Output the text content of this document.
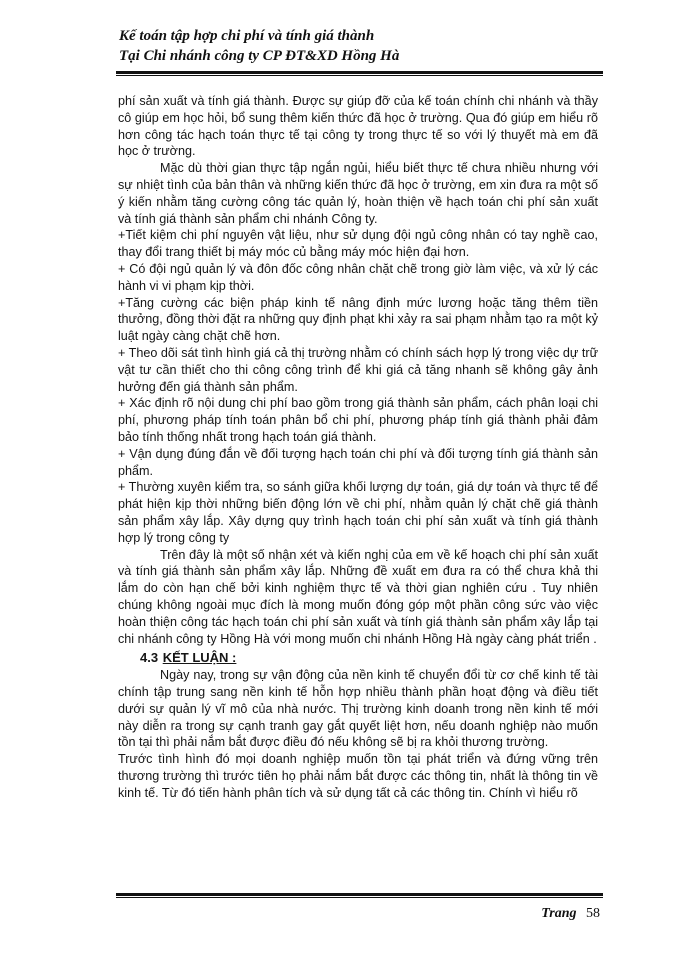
Kế toán tập hợp chi phí và tính giá thành
Tại Chi nhánh công ty CP ĐT&XD Hồng Hà

phí sản xuất và tính giá thành. Được sự giúp đỡ của kế toán chính chi nhánh và thầy cô giúp em học hỏi, bổ sung thêm kiến thức đã học ở trường. Qua đó giúp em hiểu rõ hơn công tác hạch toán thực tế tại công ty trong thực tế so với lý thuyết mà em đã học ở trường.

Mặc dù thời gian thực tập ngắn ngủi, hiểu biết thực tế chưa nhiều nhưng với sự nhiệt tình của bản thân và những kiến thức đã học ở trường, em xin đưa ra một số ý kiến nhằm tăng cường công tác quản lý, hoàn thiện về hạch toán chi phí sản xuất và tính giá thành sản phẩm chi nhánh Công ty.

+Tiết kiệm chi phí nguyên vật liệu, như sử dụng đội ngủ công nhân có tay nghề cao, thay đổi trang thiết bị máy móc củ bằng máy móc hiện đại hơn.

+ Có đội ngủ quản lý và đôn đốc công nhân chặt chẽ trong giờ làm việc, và xử lý các hành vi vi phạm kịp thời.

+Tăng cường các biện pháp kinh tế nâng định mức lương hoặc tăng thêm tiền thưởng, đồng thời đặt ra những quy định phạt khi xảy ra sai phạm nhằm tạo ra một kỷ luật ngày càng chặt chẽ hơn.

+ Theo dõi sát tình hình giá cả thị trường nhằm có chính sách hợp lý trong việc dự trữ vật tư cần thiết cho thi công công trình để khi giá cả tăng nhanh sẽ không gây ảnh hưởng đến giá thành sản phẩm.

+ Xác định rõ nội dung chi phí bao gồm trong giá thành sản phẩm, cách phân loại chi phí, phương pháp tính toán phân bổ chi phí, phương pháp tính giá thành phải đảm bảo tính thống nhất trong hạch toán giá thành.

+ Vận dụng đúng đắn về đối tượng hạch toán chi phí và đối tượng tính giá thành sản phẩm.

+ Thường xuyên kiểm tra, so sánh giữa khối lượng dự toán, giá dự toán và thực tế để phát hiện kịp thời những biến động lớn về chi phí, nhằm quản lý chặt chẽ giá thành sản phẩm xây lắp. Xây dựng quy trình hạch toán chi phí sản xuất và tính giá thành hợp lý trong công ty

Trên đây là một số nhận xét và kiến nghị của em về kế hoạch chi phí sản xuất và tính giá thành sản phẩm xây lắp. Những đề xuất em đưa ra có thể chưa khả thi lắm do còn hạn chế bởi kinh nghiệm thực tế và thời gian nghiên cứu . Tuy nhiên chúng không ngoài mục đích là mong muốn đóng góp một phần công sức vào việc hoàn thiện công tác hạch toán chi phí sản xuất và tính giá thành sản phẩm xây lắp tại chi nhánh công ty Hồng Hà với mong muốn chi nhánh Hồng Hà ngày càng phát triển .

4.3 KẾT LUẬN :

Ngày nay, trong sự vận động của nền kinh tế chuyển đổi từ cơ chế kinh tế tài chính tập trung sang nền kinh tế hỗn hợp nhiều thành phần hoạt động và điều tiết dưới sự quản lý vĩ mô của nhà nước. Thị trường kinh doanh trong nền kinh tế mới này diễn ra trong sự cạnh tranh gay gắt quyết liệt hơn, nếu doanh nghiệp nào muốn tồn tại thì phải nắm bắt được điều đó nếu không sẽ bị ra khỏi thương trường.

Trước tình hình đó mọi doanh nghiệp muốn tồn tại phát triển và đứng vững trên thương trường thì trước tiên họ phải nắm bắt được các thông tin, nhất là thông tin về kinh tế. Từ đó tiến hành phân tích và sử dụng tất cả các thông tin. Chính vì hiểu rõ

Trang 58
